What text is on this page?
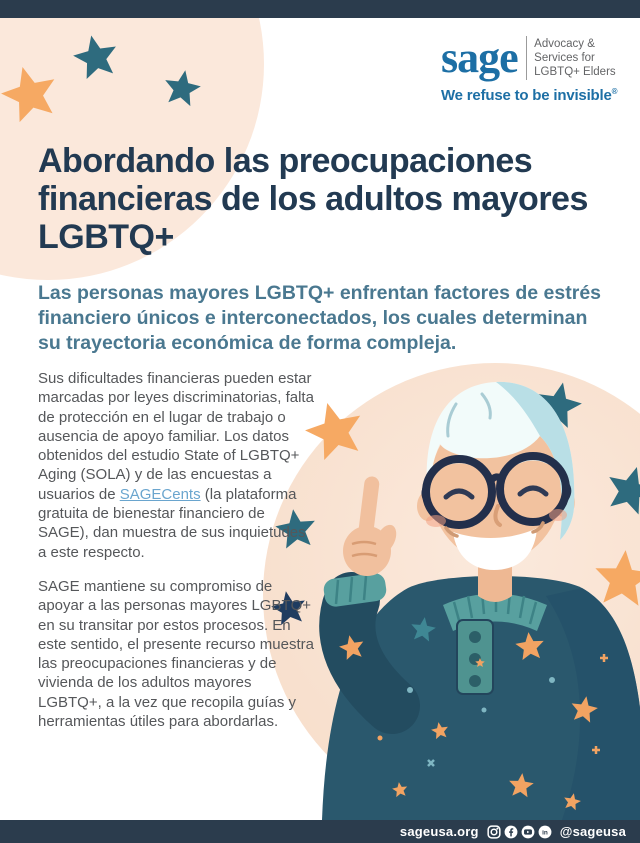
sage Advocacy &
Services for
LGBTQ+ Elders
We refuse to be invisible®
Abordando las preocupaciones financieras de los adultos mayores LGBTQ+
Las personas mayores LGBTQ+ enfrentan factores de estrés financiero únicos e interconectados, los cuales determinan su trayectoria económica de forma compleja.

Sus dificultades financieras pueden estar marcadas por leyes discriminatorias, falta de protección en el lugar de trabajo o ausencia de apoyo familiar. Los datos obtenidos del estudio State of LGBTQ+ Aging (SOLA) y de las encuestas a usuarios de SAGECents (la plataforma gratuita de bienestar financiero de SAGE), dan muestra de sus inquietudes a este respecto.

SAGE mantiene su compromiso de apoyar a las personas mayores LGBTQ+ en su transitar por estos procesos. En este sentido, el presente recurso muestra las preocupaciones financieras y de vivienda de los adultos mayores LGBTQ+, a la vez que recopila guías y herramientas útiles para abordarlas.

sageusa.org	in @sageusa
